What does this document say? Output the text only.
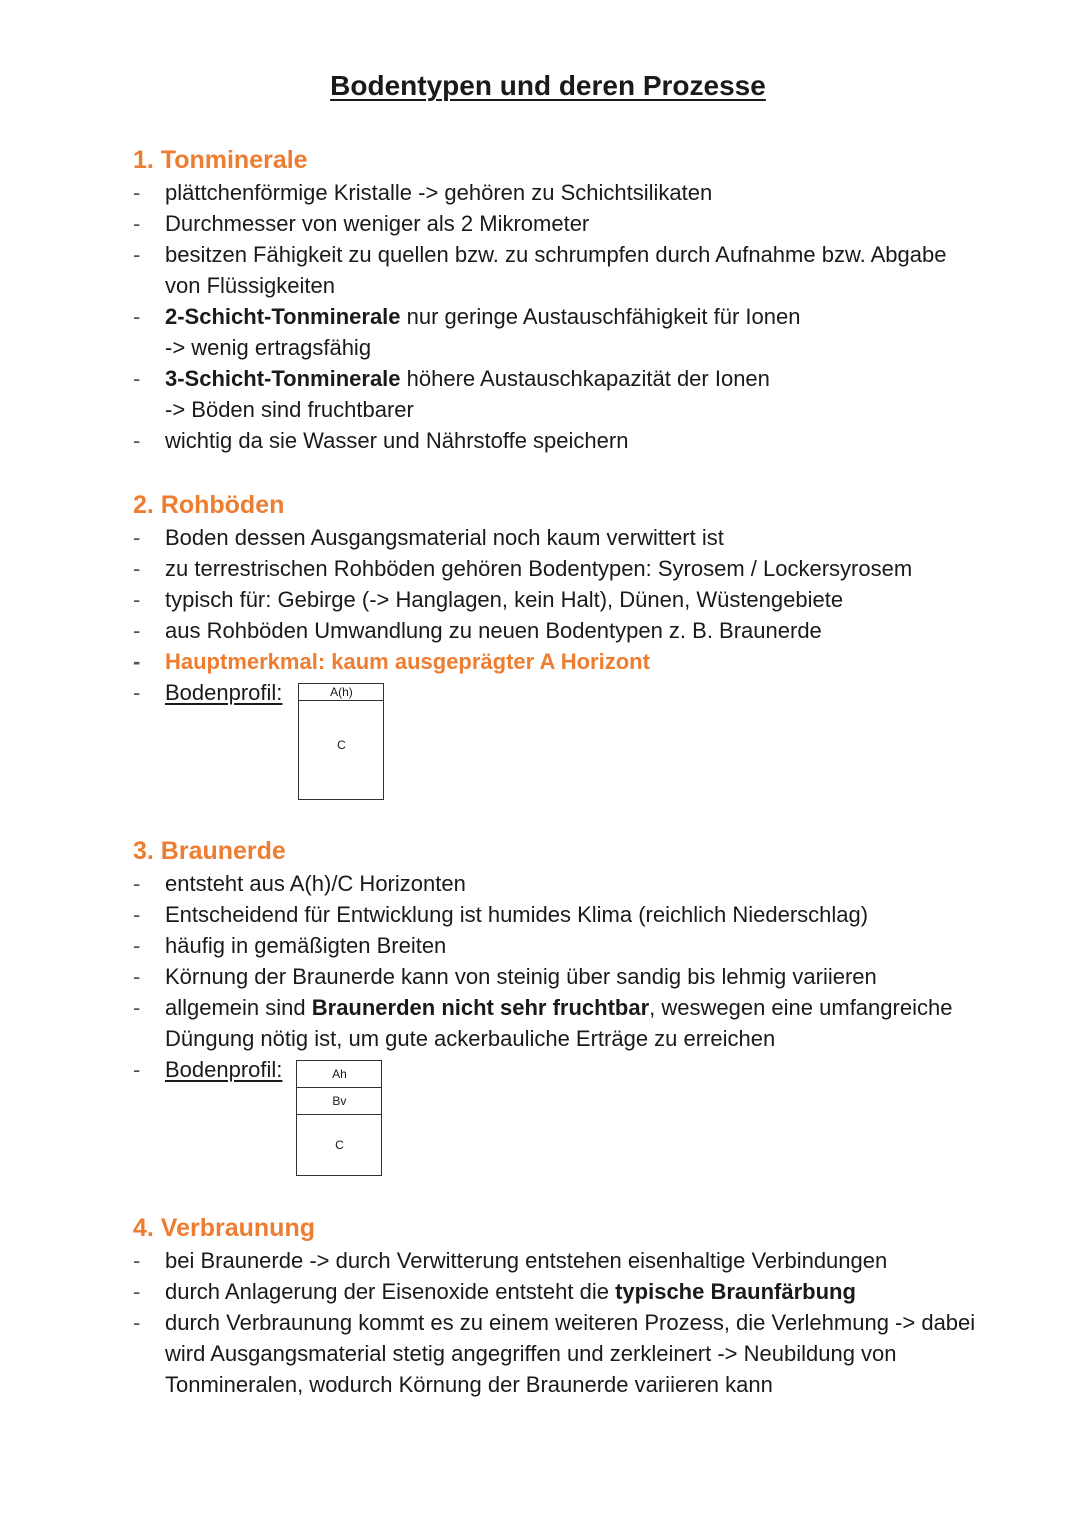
Bodentypen und deren Prozesse
1. Tonminerale
- plättchenförmige Kristalle -> gehören zu Schichtsilikaten
- Durchmesser von weniger als 2 Mikrometer
- besitzen Fähigkeit zu quellen bzw. zu schrumpfen durch Aufnahme bzw. Abgabe
von Flüssigkeiten
- 2-Schicht-Tonminerale nur geringe Austauschfähigkeit für Ionen
-> wenig ertragsfähig
- 3-Schicht-Tonminerale höhere Austauschkapazität der Ionen
-> Böden sind fruchtbarer
- wichtig da sie Wasser und Nährstoffe speichern
2. Rohböden
- Boden dessen Ausgangsmaterial noch kaum verwittert ist
- zu terrestrischen Rohböden gehören Bodentypen: Syrosem / Lockersyrosem
- typisch für: Gebirge (-> Hanglagen, kein Halt), Dünen, Wüstengebiete
- aus Rohböden Umwandlung zu neuen Bodentypen z. B. Braunerde
- Hauptmerkmal: kaum ausgeprägter A Horizont
- Bodenprofil:	A(h)
C
3. Braunerde
- entsteht aus A(h)/C Horizonten
- Entscheidend für Entwicklung ist humides Klima (reichlich Niederschlag)
- häufig in gemäßigten Breiten
- Körnung der Braunerde kann von steinig über sandig bis lehmig variieren
- allgemein sind Braunerden nicht sehr fruchtbar, weswegen eine umfangreiche
Düngung nötig ist, um gute ackerbauliche Erträge zu erreichen
- Bodenprofil:	Ah
Bv
C
4. Verbraunung
- bei Braunerde -> durch Verwitterung entstehen eisenhaltige Verbindungen
- durch Anlagerung der Eisenoxide entsteht die typische Braunfärbung
- durch Verbraunung kommt es zu einem weiteren Prozess, die Verlehmung -> dabei
wird Ausgangsmaterial stetig angegriffen und zerkleinert -> Neubildung von
Tonmineralen, wodurch Körnung der Braunerde variieren kann
